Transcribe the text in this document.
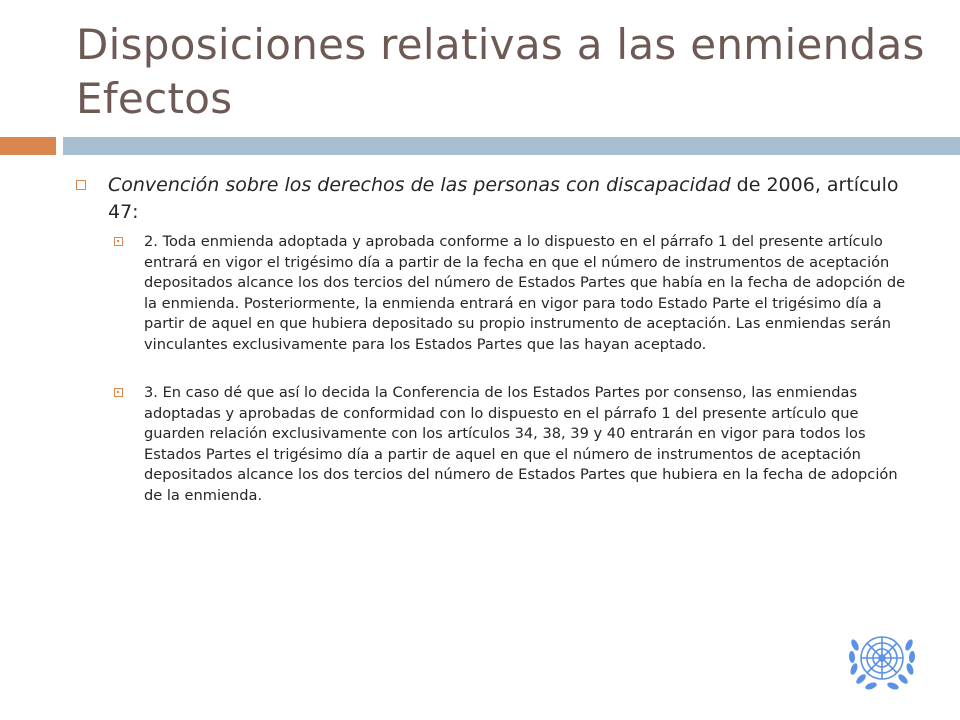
Disposiciones relativas a las enmiendas
Efectos
Convención sobre los derechos de las personas con discapacidad de 2006, artículo 47:
2. Toda enmienda adoptada y aprobada conforme a lo dispuesto en el párrafo 1 del presente artículo entrará en vigor el trigésimo día a partir de la fecha en que el número de instrumentos de aceptación depositados alcance los dos tercios del número de Estados Partes que había en la fecha de adopción de la enmienda. Posteriormente, la enmienda entrará en vigor para todo Estado Parte el trigésimo día a partir de aquel en que hubiera depositado su propio instrumento de aceptación. Las enmiendas serán vinculantes exclusivamente para los Estados Partes que las hayan aceptado.
3. En caso dé que así lo decida la Conferencia de los Estados Partes por consenso, las enmiendas adoptadas y aprobadas de conformidad con lo dispuesto en el párrafo 1 del presente artículo que guarden relación exclusivamente con los artículos 34, 38, 39 y 40 entrarán en vigor para todos los Estados Partes el trigésimo día a partir de aquel en que el número de instrumentos de aceptación depositados alcance los dos tercios del número de Estados Partes que hubiera en la fecha de adopción de la enmienda.
